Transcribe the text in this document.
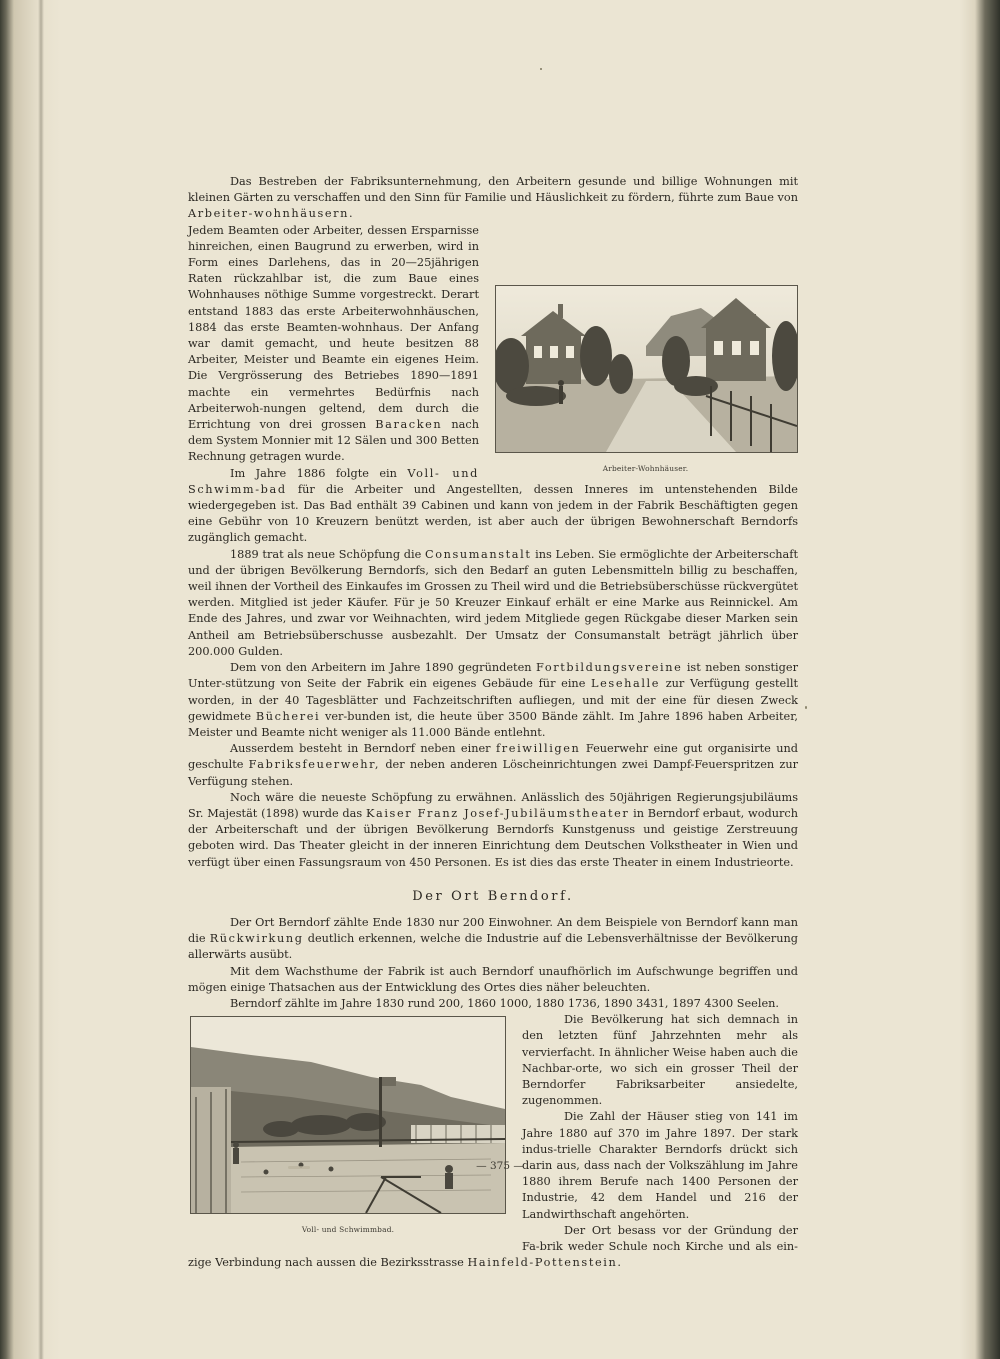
Das Bestreben der Fabriksunternehmung, den Arbeitern gesunde und billige Wohnungen mit kleinen Gärten zu verschaffen und den Sinn für Familie und Häuslichkeit zu fördern, führte zum Baue von Arbeiter-wohnhäusern.

Arbeiter-Wohnhäuser.

Jedem Beamten oder Arbeiter, dessen Ersparnisse hinreichen, einen Baugrund zu erwerben, wird in Form eines Darlehens, das in 20—25jährigen Raten rückzahlbar ist, die zum Baue eines Wohnhauses nöthige Summe vorgestreckt. Derart entstand 1883 das erste Arbeiterwohnhäuschen, 1884 das erste Beamten-wohnhaus. Der Anfang war damit gemacht, und heute besitzen 88 Arbeiter, Meister und Beamte ein eigenes Heim. Die Vergrösserung des Betriebes 1890—1891 machte ein vermehrtes Bedürfnis nach Arbeiterwoh-nungen geltend, dem durch die Errichtung von drei grossen Baracken nach dem System Monnier mit 12 Sälen und 300 Betten Rechnung getragen wurde.

Im Jahre 1886 folgte ein Voll- und Schwimm-bad für die Arbeiter und Angestellten, dessen Inneres im untenstehenden Bilde wiedergegeben ist. Das Bad enthält 39 Cabinen und kann von jedem in der Fabrik Beschäftigten gegen eine Gebühr von 10 Kreuzern benützt werden, ist aber auch der übrigen Bewohnerschaft Berndorfs zugänglich gemacht.

1889 trat als neue Schöpfung die Consumanstalt ins Leben. Sie ermöglichte der Arbeiterschaft und der übrigen Bevölkerung Berndorfs, sich den Bedarf an guten Lebensmitteln billig zu beschaffen, weil ihnen der Vortheil des Einkaufes im Grossen zu Theil wird und die Betriebsüberschüsse rückvergütet werden. Mitglied ist jeder Käufer. Für je 50 Kreuzer Einkauf erhält er eine Marke aus Reinnickel. Am Ende des Jahres, und zwar vor Weihnachten, wird jedem Mitgliede gegen Rückgabe dieser Marken sein Antheil am Betriebsüberschusse ausbezahlt. Der Umsatz der Consumanstalt beträgt jährlich über 200.000 Gulden.

Dem von den Arbeitern im Jahre 1890 gegründeten Fortbildungsvereine ist neben sonstiger Unter-stützung von Seite der Fabrik ein eigenes Gebäude für eine Lesehalle zur Verfügung gestellt worden, in der 40 Tagesblätter und Fachzeitschriften aufliegen, und mit der eine für diesen Zweck gewidmete Bücherei ver-bunden ist, die heute über 3500 Bände zählt. Im Jahre 1896 haben Arbeiter, Meister und Beamte nicht weniger als 11.000 Bände entlehnt.

Ausserdem besteht in Berndorf neben einer freiwilligen Feuerwehr eine gut organisirte und geschulte Fabriksfeuerwehr, der neben anderen Löscheinrichtungen zwei Dampf-Feuerspritzen zur Verfügung stehen.

Noch wäre die neueste Schöpfung zu erwähnen. Anlässlich des 50jährigen Regierungsjubiläums Sr. Majestät (1898) wurde das Kaiser Franz Josef-Jubiläumstheater in Berndorf erbaut, wodurch der Arbeiterschaft und der übrigen Bevölkerung Berndorfs Kunstgenuss und geistige Zerstreuung geboten wird. Das Theater gleicht in der inneren Einrichtung dem Deutschen Volkstheater in Wien und verfügt über einen Fassungsraum von 450 Personen. Es ist dies das erste Theater in einem Industrieorte.

Der Ort Berndorf.

Der Ort Berndorf zählte Ende 1830 nur 200 Einwohner. An dem Beispiele von Berndorf kann man die Rückwirkung deutlich erkennen, welche die Industrie auf die Lebensverhältnisse der Bevölkerung allerwärts ausübt.

Mit dem Wachsthume der Fabrik ist auch Berndorf unaufhörlich im Aufschwunge begriffen und mögen einige Thatsachen aus der Entwicklung des Ortes dies näher beleuchten.

Berndorf zählte im Jahre 1830 rund 200, 1860 1000, 1880 1736, 1890 3431, 1897 4300 Seelen.

Voll- und Schwimmbad.

Die Bevölkerung hat sich demnach in den letzten fünf Jahrzehnten mehr als vervierfacht. In ähnlicher Weise haben auch die Nachbar-orte, wo sich ein grosser Theil der Berndorfer Fabriksarbeiter ansiedelte, zugenommen.

Die Zahl der Häuser stieg von 141 im Jahre 1880 auf 370 im Jahre 1897. Der stark indus-trielle Charakter Berndorfs drückt sich darin aus, dass nach der Volkszählung im Jahre 1880 ihrem Berufe nach 1400 Personen der Industrie, 42 dem Handel und 216 der Landwirthschaft angehörten.

Der Ort besass vor der Gründung der Fa-brik weder Schule noch Kirche und als ein-zige Verbindung nach aussen die Bezirksstrasse Hainfeld-Pottenstein.

— 375 —
